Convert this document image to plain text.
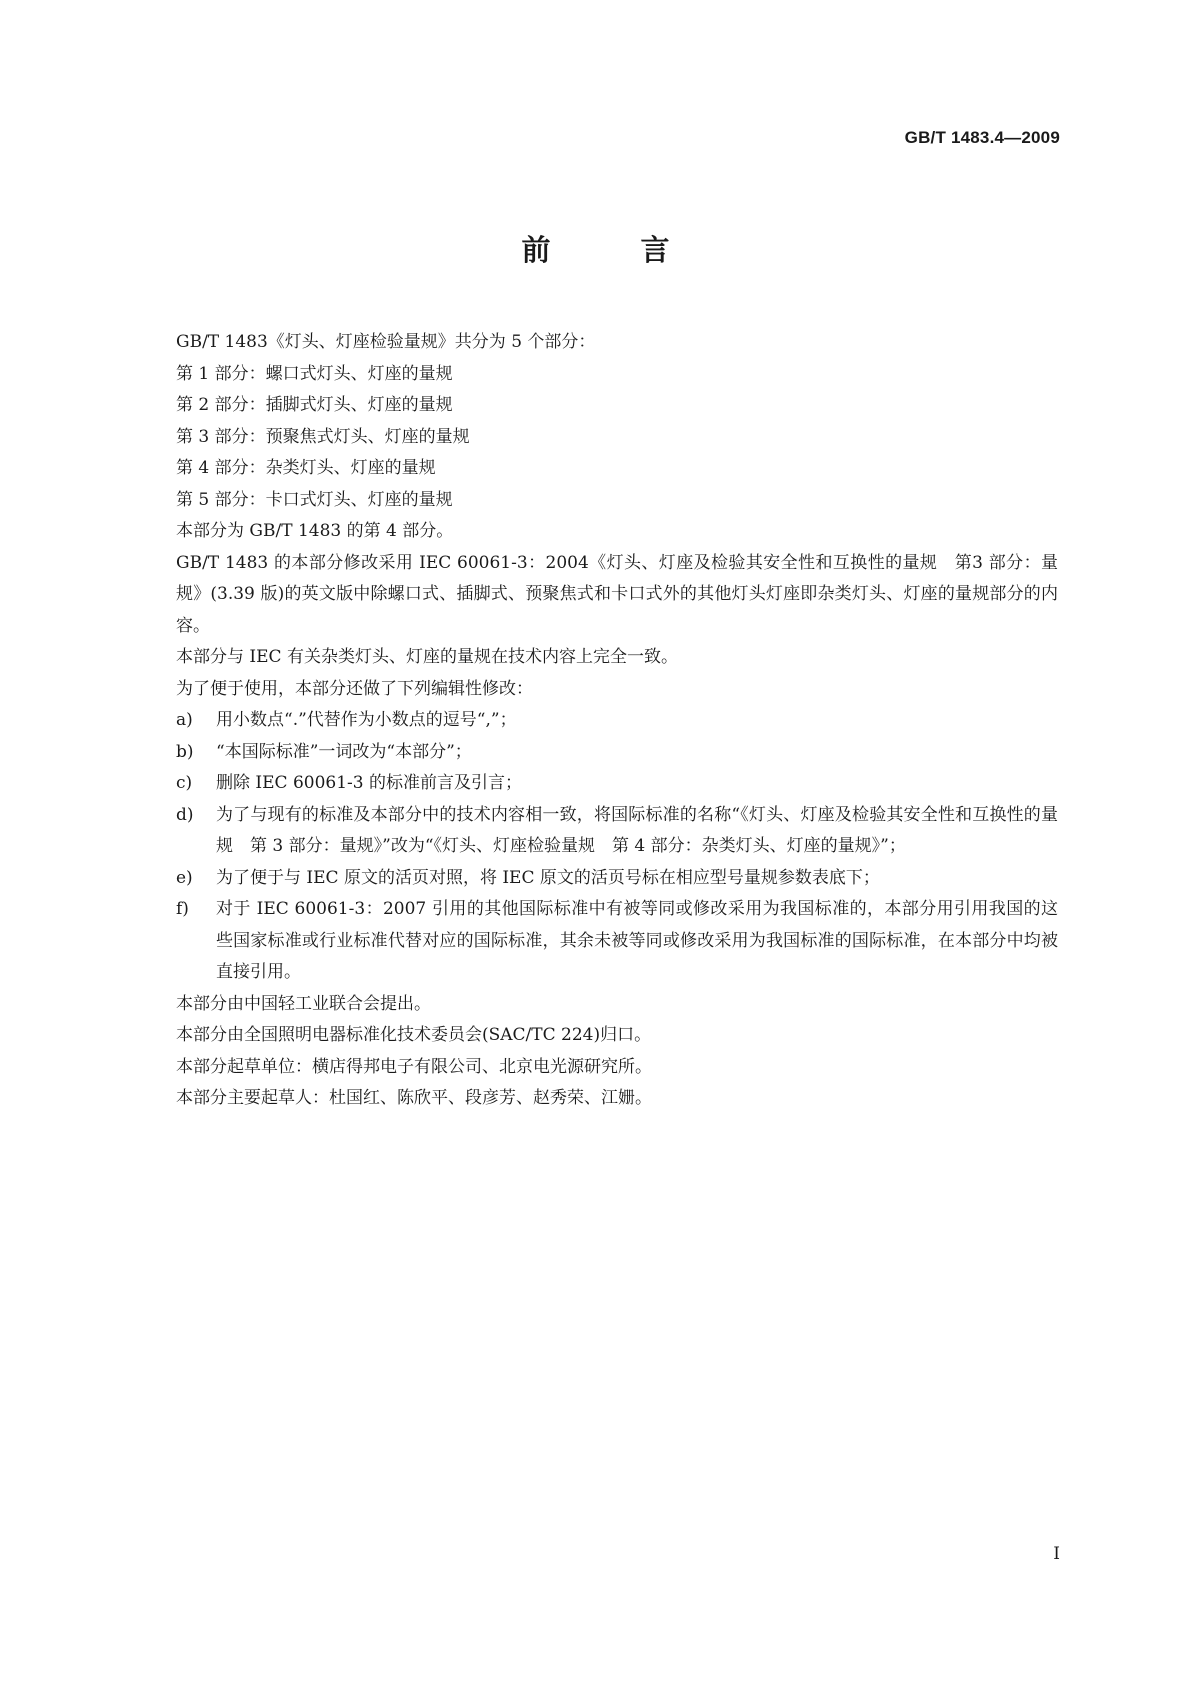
GB/T 1483.4—2009
前 言

GB/T 1483《灯头、灯座检验量规》共分为 5 个部分：

第 1 部分：螺口式灯头、灯座的量规

第 2 部分：插脚式灯头、灯座的量规

第 3 部分：预聚焦式灯头、灯座的量规

第 4 部分：杂类灯头、灯座的量规

第 5 部分：卡口式灯头、灯座的量规

本部分为 GB/T 1483 的第 4 部分。

GB/T 1483 的本部分修改采用 IEC 60061-3：2004《灯头、灯座及检验其安全性和互换性的量规　第3 部分：量规》(3.39 版)的英文版中除螺口式、插脚式、预聚焦式和卡口式外的其他灯头灯座即杂类灯头、灯座的量规部分的内容。

本部分与 IEC 有关杂类灯头、灯座的量规在技术内容上完全一致。

为了便于使用，本部分还做了下列编辑性修改：

a)	用小数点“.”代替作为小数点的逗号“,”；
b)	“本国际标准”一词改为“本部分”；
c)	删除 IEC 60061-3 的标准前言及引言；
d)	为了与现有的标准及本部分中的技术内容相一致，将国际标准的名称“《灯头、灯座及检验其安全性和互换性的量规　第 3 部分：量规》”改为“《灯头、灯座检验量规　第 4 部分：杂类灯头、灯座的量规》”；
e)	为了便于与 IEC 原文的活页对照，将 IEC 原文的活页号标在相应型号量规参数表底下；
f)	对于 IEC 60061-3：2007 引用的其他国际标准中有被等同或修改采用为我国标准的，本部分用引用我国的这些国家标准或行业标准代替对应的国际标准，其余未被等同或修改采用为我国标准的国际标准，在本部分中均被直接引用。

本部分由中国轻工业联合会提出。

本部分由全国照明电器标准化技术委员会(SAC/TC 224)归口。

本部分起草单位：横店得邦电子有限公司、北京电光源研究所。

本部分主要起草人：杜国红、陈欣平、段彦芳、赵秀荣、江姗。

I
